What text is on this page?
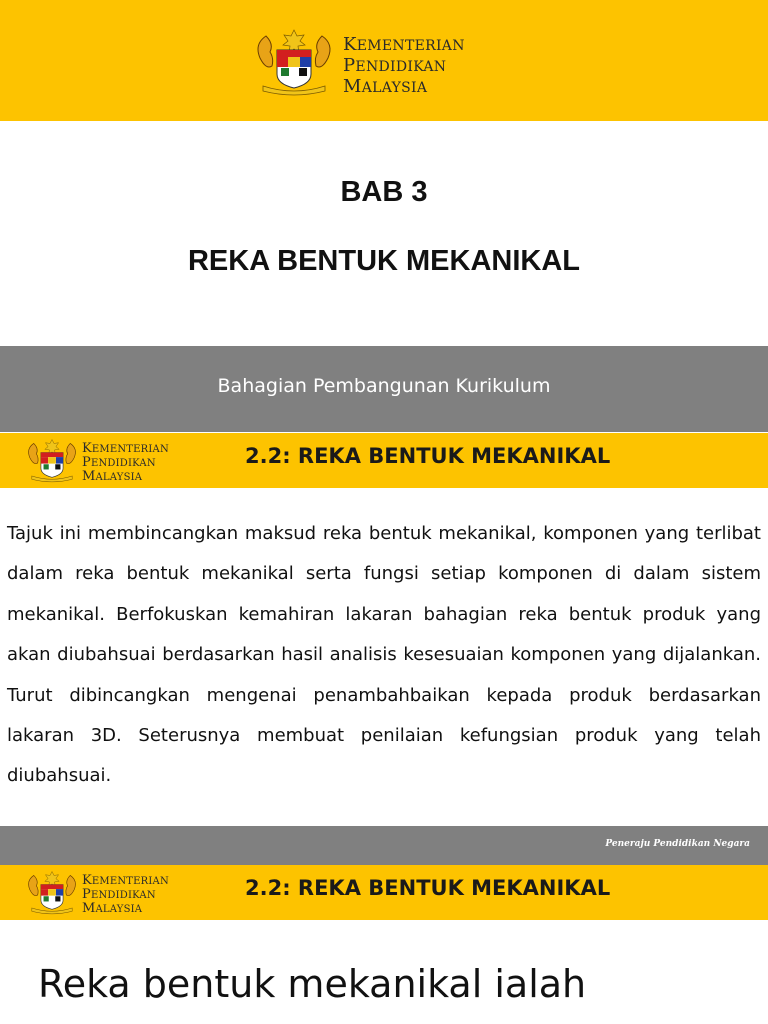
KEMENTERIAN
PENDIDIKAN
MALAYSIA
BAB 3
REKA BENTUK MEKANIKAL
Bahagian Pembangunan Kurikulum
KEMENTERIAN
PENDIDIKAN
MALAYSIA
2.2: REKA BENTUK MEKANIKAL

Tajuk ini membincangkan maksud reka bentuk mekanikal, komponen yang terlibat dalam reka bentuk mekanikal serta fungsi setiap komponen di dalam sistem mekanikal. Berfokuskan kemahiran lakaran bahagian reka bentuk produk yang akan diubahsuai berdasarkan hasil analisis kesesuaian komponen yang dijalankan. Turut dibincangkan mengenai penambahbaikan kepada produk berdasarkan lakaran 3D. Seterusnya membuat penilaian kefungsian produk yang telah diubahsuai.

Peneraju Pendidikan Negara
KEMENTERIAN
PENDIDIKAN
MALAYSIA
2.2: REKA BENTUK MEKANIKAL
Reka bentuk mekanikal ialah
